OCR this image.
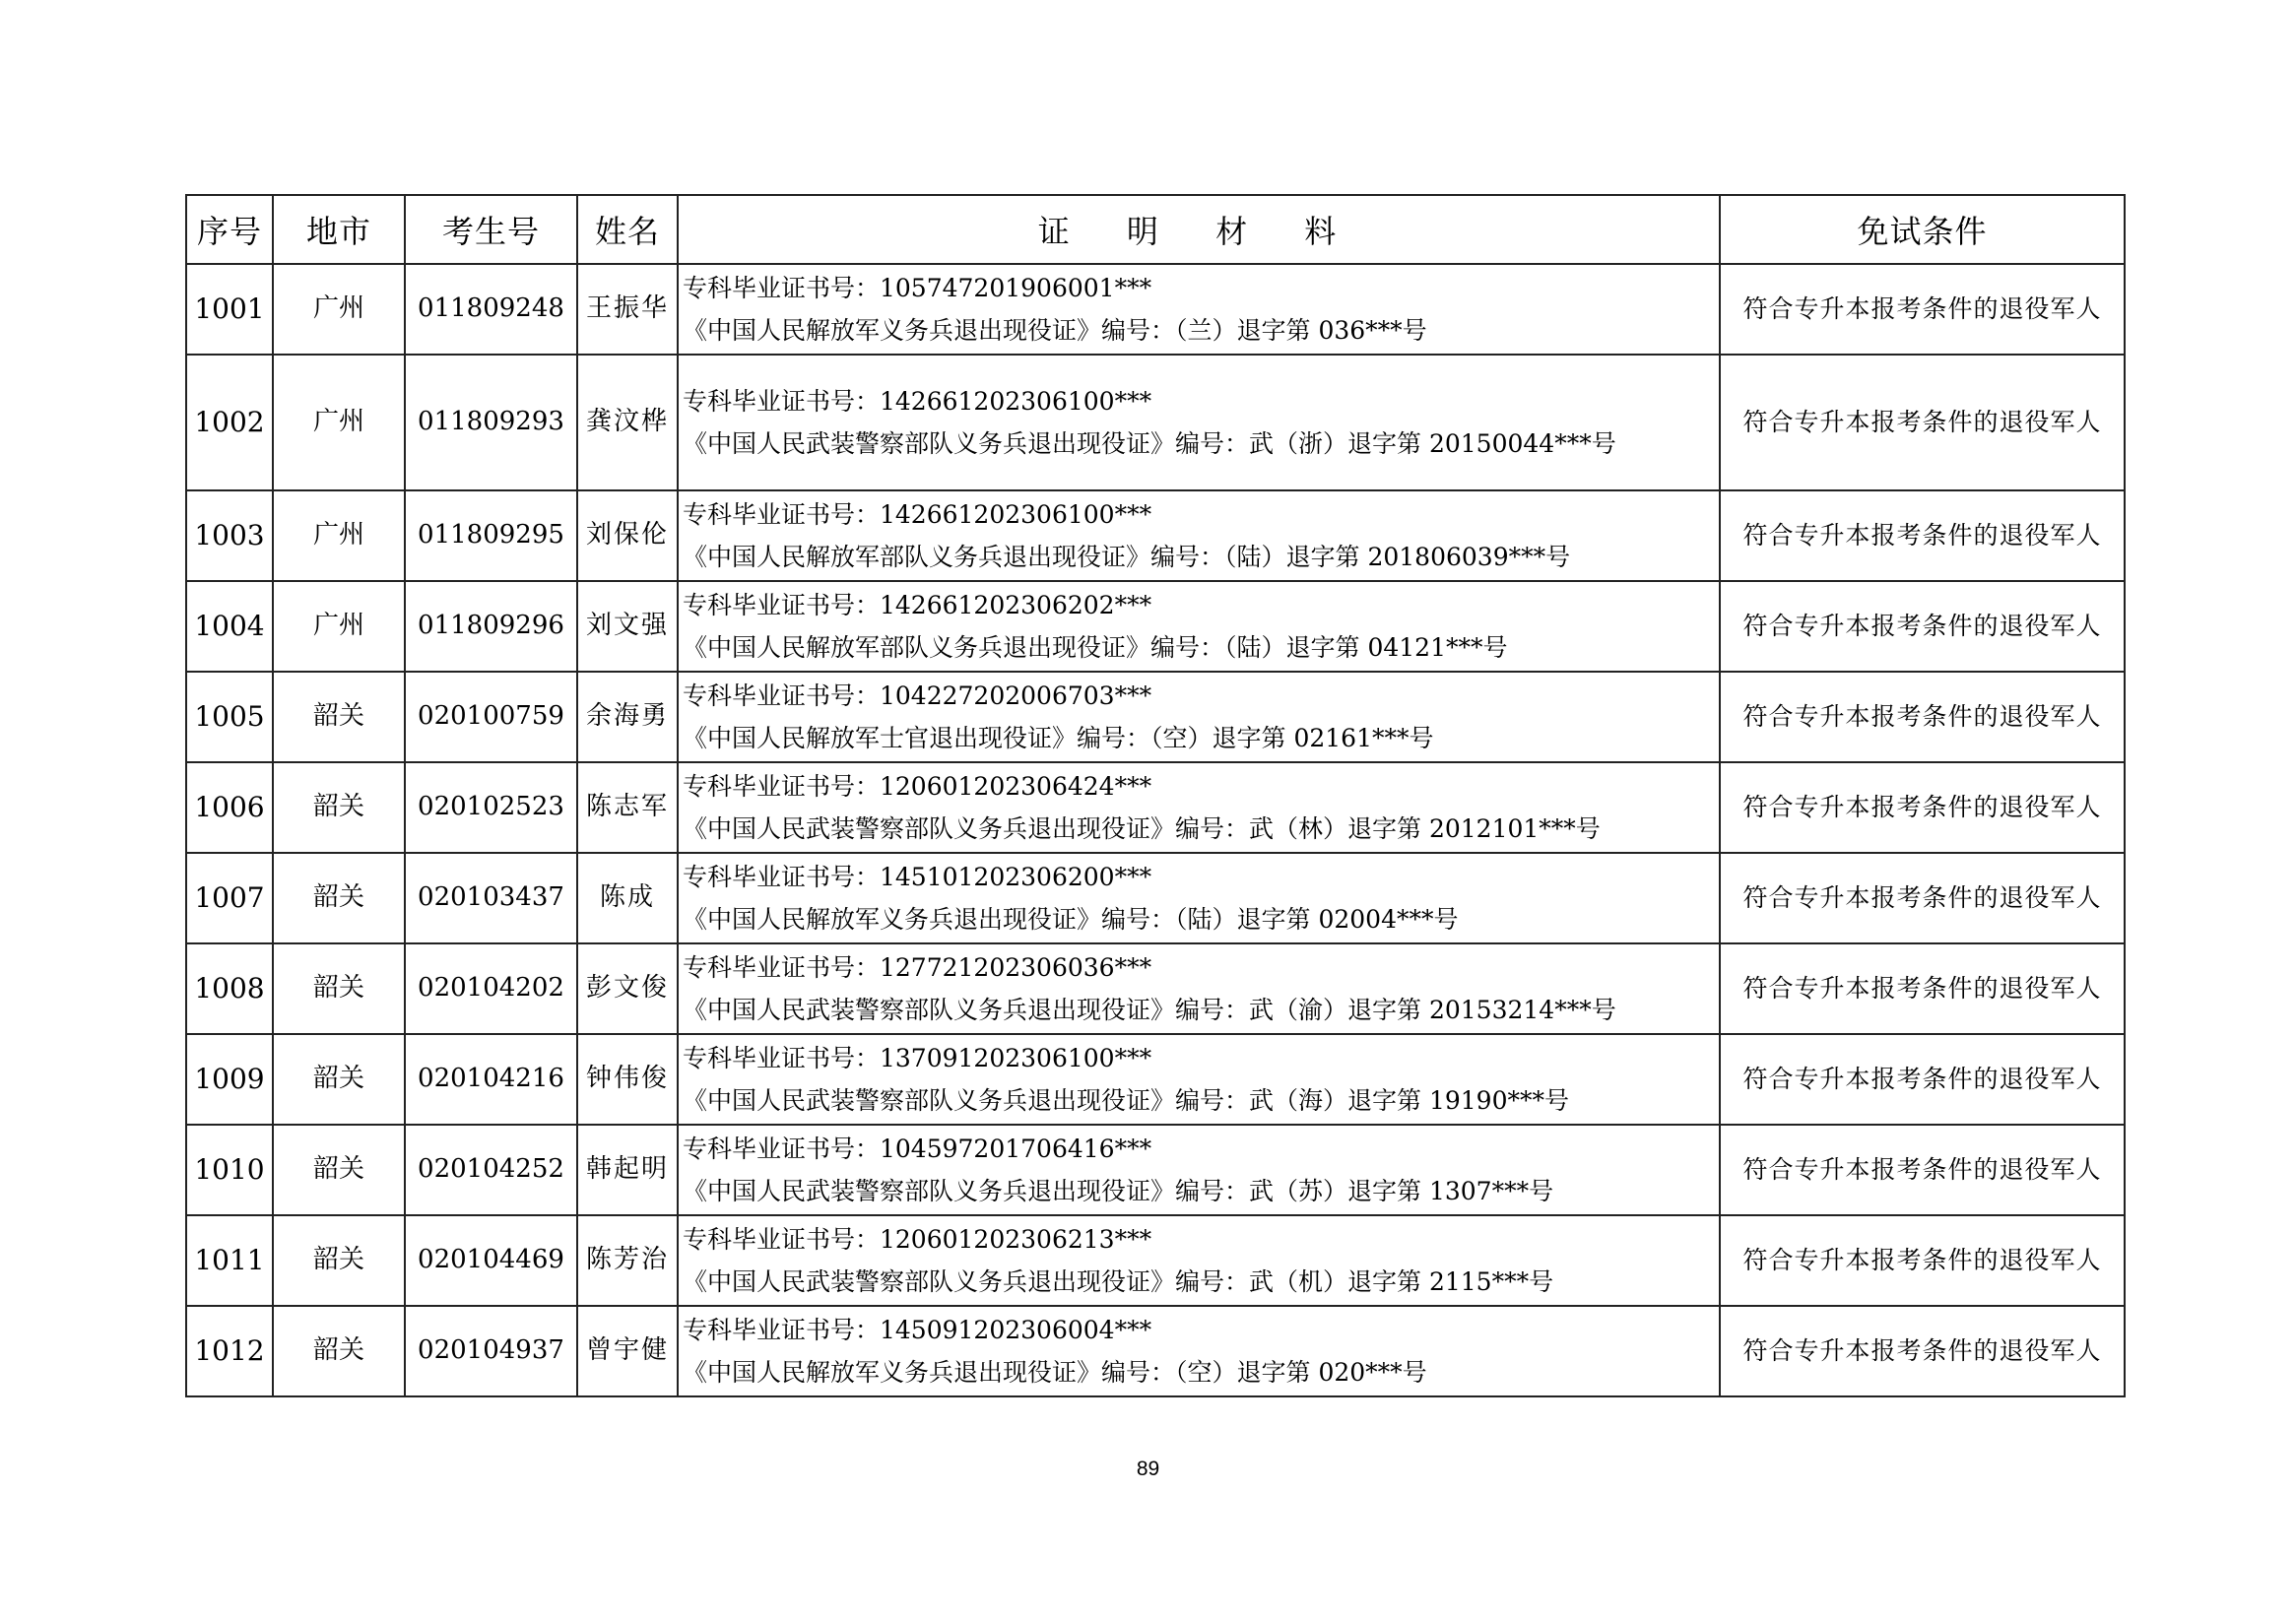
序号	地市	考生号	姓名	证 明 材 料	免试条件
1001	广州	011809248	王振华	专科毕业证书号：105747201906001***
《中国人民解放军义务兵退出现役证》编号：（兰）退字第 036***号	符合专升本报考条件的退役军人
1002	广州	011809293	龚汶桦	专科毕业证书号：142661202306100***
《中国人民武装警察部队义务兵退出现役证》编号：武（浙）退字第 20150044***号	符合专升本报考条件的退役军人
1003	广州	011809295	刘保伦	专科毕业证书号：142661202306100***
《中国人民解放军部队义务兵退出现役证》编号：（陆）退字第 201806039***号	符合专升本报考条件的退役军人
1004	广州	011809296	刘文强	专科毕业证书号：142661202306202***
《中国人民解放军部队义务兵退出现役证》编号：（陆）退字第 04121***号	符合专升本报考条件的退役军人
1005	韶关	020100759	余海勇	专科毕业证书号：104227202006703***
《中国人民解放军士官退出现役证》编号：（空）退字第 02161***号	符合专升本报考条件的退役军人
1006	韶关	020102523	陈志军	专科毕业证书号：120601202306424***
《中国人民武装警察部队义务兵退出现役证》编号：武（林）退字第 2012101***号	符合专升本报考条件的退役军人
1007	韶关	020103437	陈成	专科毕业证书号：145101202306200***
《中国人民解放军义务兵退出现役证》编号：（陆）退字第 02004***号	符合专升本报考条件的退役军人
1008	韶关	020104202	彭文俊	专科毕业证书号：127721202306036***
《中国人民武装警察部队义务兵退出现役证》编号：武（渝）退字第 20153214***号	符合专升本报考条件的退役军人
1009	韶关	020104216	钟伟俊	专科毕业证书号：137091202306100***
《中国人民武装警察部队义务兵退出现役证》编号：武（海）退字第 19190***号	符合专升本报考条件的退役军人
1010	韶关	020104252	韩起明	专科毕业证书号：104597201706416***
《中国人民武装警察部队义务兵退出现役证》编号：武（苏）退字第 1307***号	符合专升本报考条件的退役军人
1011	韶关	020104469	陈芳治	专科毕业证书号：120601202306213***
《中国人民武装警察部队义务兵退出现役证》编号：武（机）退字第 2115***号	符合专升本报考条件的退役军人
1012	韶关	020104937	曾宇健	专科毕业证书号：145091202306004***
《中国人民解放军义务兵退出现役证》编号：（空）退字第 020***号	符合专升本报考条件的退役军人
89
